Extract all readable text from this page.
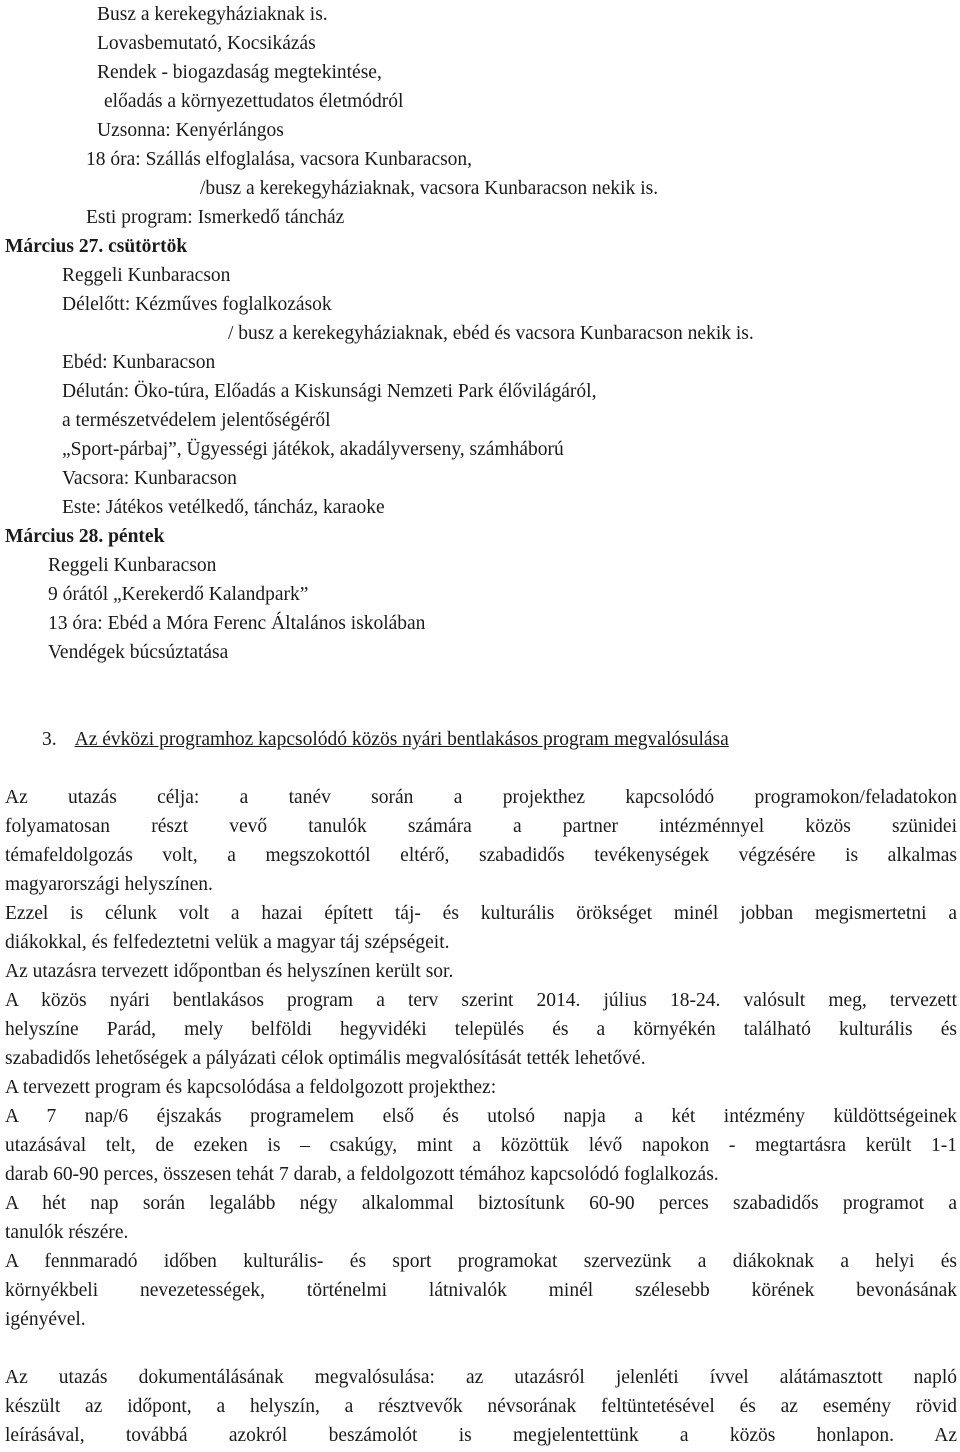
Busz a kerekegyháziaknak is.
Lovasbemutató, Kocsikázás
Rendek - biogazdaság megtekintése,
előadás a környezettudatos életmódról
Uzsonna: Kenyérlángos
18 óra: Szállás elfoglalása, vacsora Kunbaracson,
/busz a kerekegyháziaknak, vacsora Kunbaracson nekik is.
Esti program: Ismerkedő táncház
Március 27. csütörtök
Reggeli Kunbaracson
Délelőtt: Kézműves foglalkozások
/ busz a kerekegyháziaknak, ebéd és vacsora Kunbaracson nekik is.
Ebéd: Kunbaracson
Délután: Öko-túra, Előadás a Kiskunsági Nemzeti Park élővilágáról,
a természetvédelem jelentőségéről
„Sport-párbaj”, Ügyességi játékok, akadályverseny, számháború
Vacsora: Kunbaracson
Este: Játékos vetélkedő, táncház, karaoke
Március 28. péntek
Reggeli Kunbaracson
9 órától „Kerekerdő Kalandpark”
13 óra: Ebéd a Móra Ferenc Általános iskolában
Vendégek búcsúztatása
3. Az évközi programhoz kapcsolódó közös nyári bentlakásos program megvalósulása
Az utazás célja: a tanév során a projekthez kapcsolódó programokon/feladatokon
folyamatosan részt vevő tanulók számára a partner intézménnyel közös szünidei
témafeldolgozás volt, a megszokottól eltérő, szabadidős tevékenységek végzésére is alkalmas
magyarországi helyszínen.
Ezzel is célunk volt a hazai épített táj- és kulturális örökséget minél jobban megismertetni a
diákokkal, és felfedeztetni velük a magyar táj szépségeit.
Az utazásra tervezett időpontban és helyszínen került sor.
A közös nyári bentlakásos program a terv szerint 2014. július 18-24. valósult meg, tervezett
helyszíne Parád, mely belföldi hegyvidéki település és a környékén található kulturális és
szabadidős lehetőségek a pályázati célok optimális megvalósítását tették lehetővé.
A tervezett program és kapcsolódása a feldolgozott projekthez:
A 7 nap/6 éjszakás programelem első és utolsó napja a két intézmény küldöttségeinek
utazásával telt, de ezeken is – csakúgy, mint a közöttük lévő napokon - megtartásra került 1-1
darab 60-90 perces, összesen tehát 7 darab, a feldolgozott témához kapcsolódó foglalkozás.
A hét nap során legalább négy alkalommal biztosítunk 60-90 perces szabadidős programot a
tanulók részére.
A fennmaradó időben kulturális- és sport programokat szervezünk a diákoknak a helyi és
környékbeli nevezetességek, történelmi látnivalók minél szélesebb körének bevonásának
igényével.
Az utazás dokumentálásának megvalósulása: az utazásról jelenléti ívvel alátámasztott napló
készült az időpont, a helyszín, a résztvevők névsorának feltüntetésével és az esemény rövid
leírásával, továbbá azokról beszámolót is megjelentettünk a közös honlapon. Az
